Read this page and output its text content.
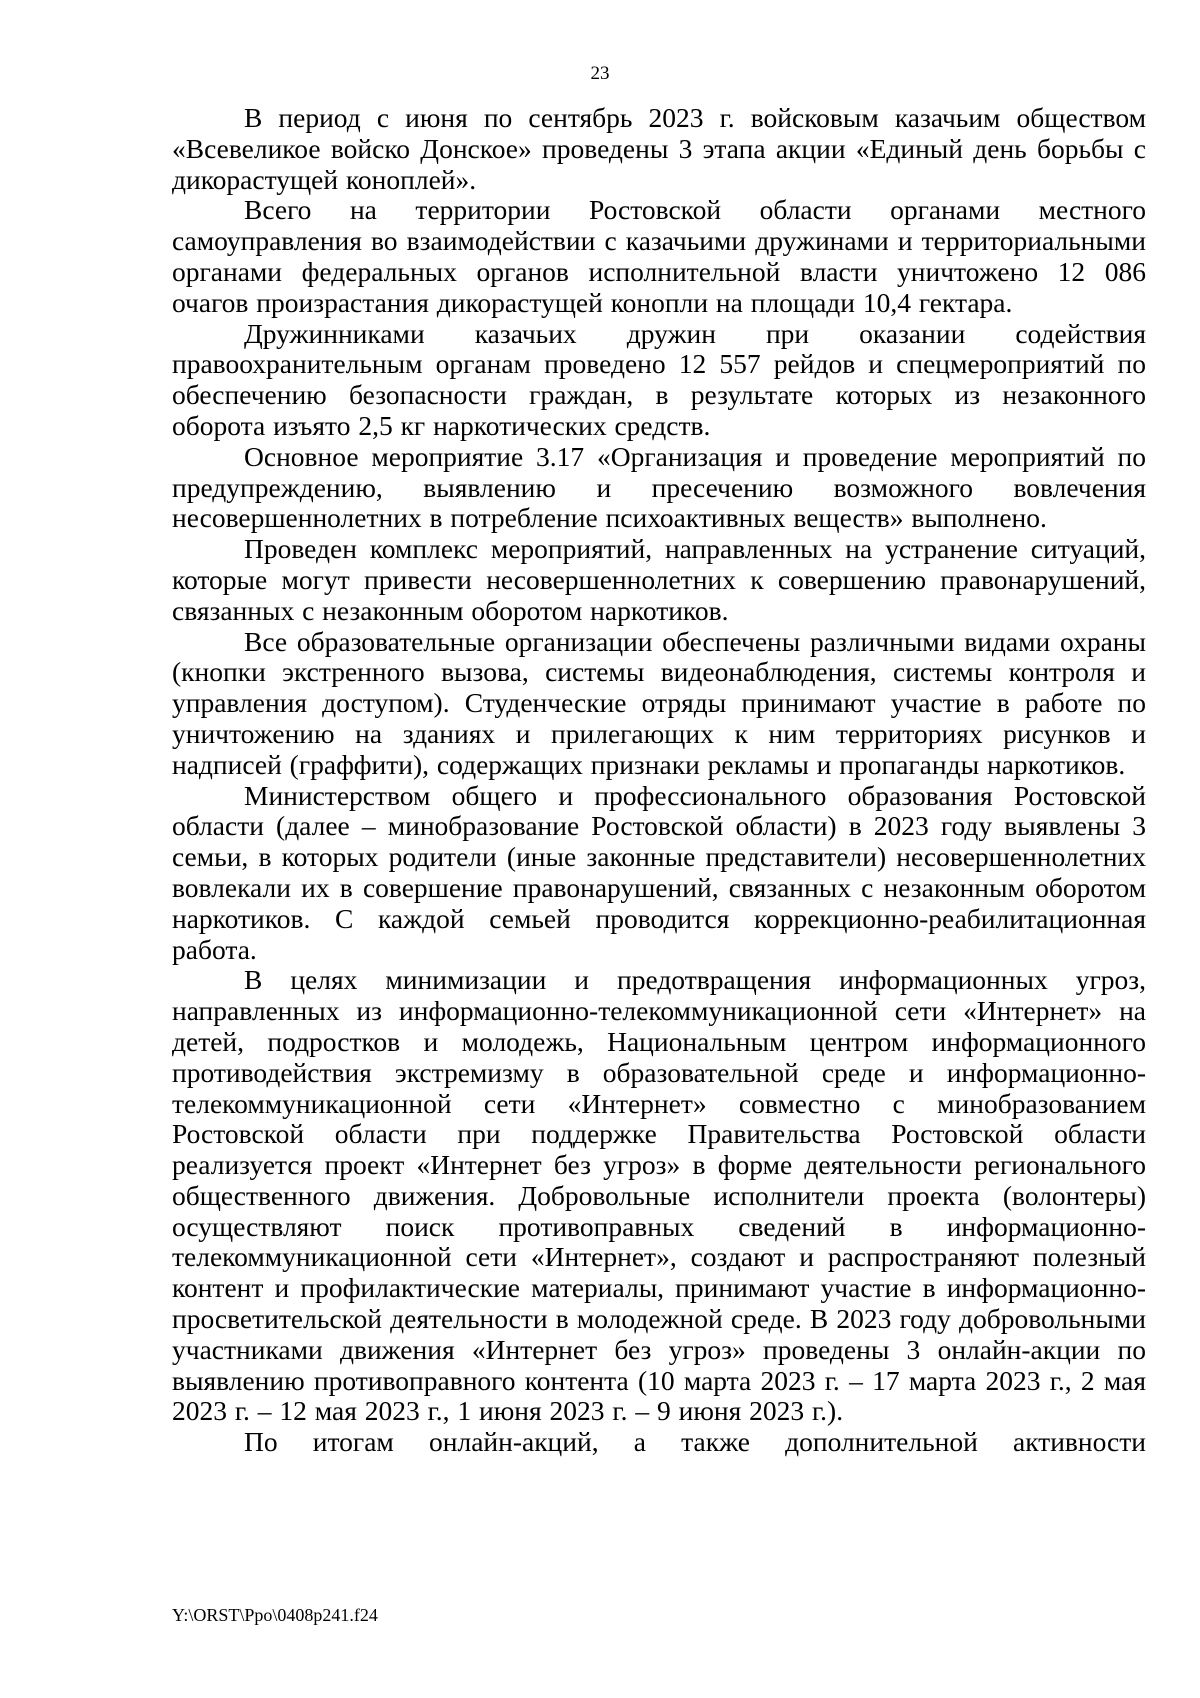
23

В период с июня по сентябрь 2023 г. войсковым казачьим обществом «Всевеликое войско Донское» проведены 3 этапа акции «Единый день борьбы с дикорастущей коноплей».

Всего на территории Ростовской области органами местного самоуправления во взаимодействии с казачьими дружинами и территориальными органами федеральных органов исполнительной власти уничтожено 12 086 очагов произрастания дикорастущей конопли на площади 10,4 гектара.

Дружинниками казачьих дружин при оказании содействия правоохранительным органам проведено 12 557 рейдов и спецмероприятий по обеспечению безопасности граждан, в результате которых из незаконного оборота изъято 2,5 кг наркотических средств.

Основное мероприятие 3.17 «Организация и проведение мероприятий по предупреждению, выявлению и пресечению возможного вовлечения несовершеннолетних в потребление психоактивных веществ» выполнено.

Проведен комплекс мероприятий, направленных на устранение ситуаций, которые могут привести несовершеннолетних к совершению правонарушений, связанных с незаконным оборотом наркотиков.

Все образовательные организации обеспечены различными видами охраны (кнопки экстренного вызова, системы видеонаблюдения, системы контроля и управления доступом). Студенческие отряды принимают участие в работе по уничтожению на зданиях и прилегающих к ним территориях рисунков и надписей (граффити), содержащих признаки рекламы и пропаганды наркотиков.

Министерством общего и профессионального образования Ростовской области (далее – минобразование Ростовской области) в 2023 году выявлены 3 семьи, в которых родители (иные законные представители) несовершеннолетних вовлекали их в совершение правонарушений, связанных с незаконным оборотом наркотиков. С каждой семьей проводится коррекционно-реабилитационная работа.

В целях минимизации и предотвращения информационных угроз, направленных из информационно-телекоммуникационной сети «Интернет» на детей, подростков и молодежь, Национальным центром информационного противодействия экстремизму в образовательной среде и информационно-телекоммуникационной сети «Интернет» совместно с минобразованием Ростовской области при поддержке Правительства Ростовской области реализуется проект «Интернет без угроз» в форме деятельности регионального общественного движения. Добровольные исполнители проекта (волонтеры) осуществляют поиск противоправных сведений в информационно-телекоммуникационной сети «Интернет», создают и распространяют полезный контент и профилактические материалы, принимают участие в информационно-просветительской деятельности в молодежной среде. В 2023 году добровольными участниками движения «Интернет без угроз» проведены 3 онлайн-акции по выявлению противоправного контента (10 марта 2023 г. – 17 марта 2023 г., 2 мая 2023 г. – 12 мая 2023 г., 1 июня 2023 г. – 9 июня 2023 г.).

По итогам онлайн-акций, а также дополнительной активности

Y:\ORST\Ppo\0408p241.f24
